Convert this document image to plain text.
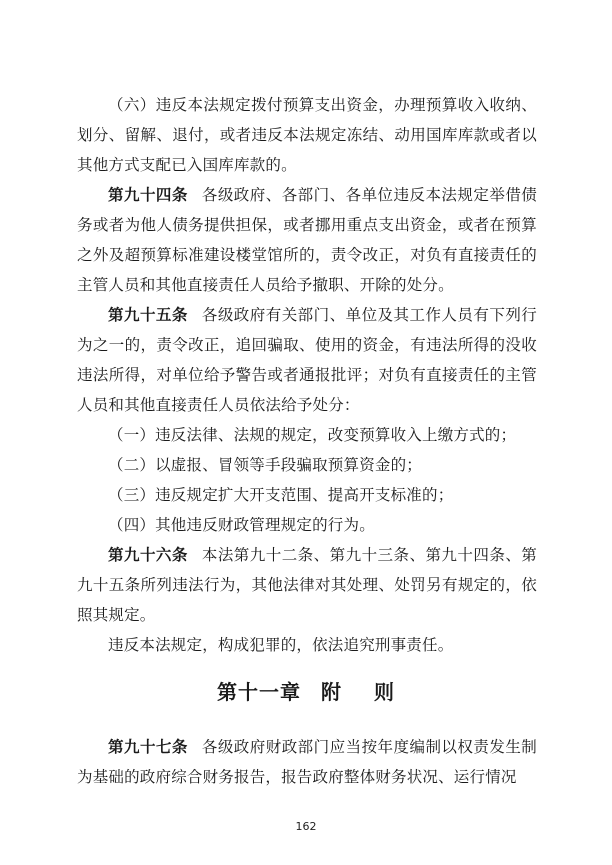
（六）违反本法规定拨付预算支出资金，办理预算收入收纳、划分、留解、退付，或者违反本法规定冻结、动用国库库款或者以其他方式支配已入国库库款的。

第九十四条 各级政府、各部门、各单位违反本法规定举借债务或者为他人债务提供担保，或者挪用重点支出资金，或者在预算之外及超预算标准建设楼堂馆所的，责令改正，对负有直接责任的主管人员和其他直接责任人员给予撤职、开除的处分。

第九十五条 各级政府有关部门、单位及其工作人员有下列行为之一的，责令改正，追回骗取、使用的资金，有违法所得的没收违法所得，对单位给予警告或者通报批评；对负有直接责任的主管人员和其他直接责任人员依法给予处分：

（一）违反法律、法规的规定，改变预算收入上缴方式的；

（二）以虚报、冒领等手段骗取预算资金的；

（三）违反规定扩大开支范围、提高开支标准的；

（四）其他违反财政管理规定的行为。

第九十六条 本法第九十二条、第九十三条、第九十四条、第九十五条所列违法行为，其他法律对其处理、处罚另有规定的，依照其规定。

违反本法规定，构成犯罪的，依法追究刑事责任。

第十一章 附 则

第九十七条 各级政府财政部门应当按年度编制以权责发生制为基础的政府综合财务报告，报告政府整体财务状况、运行情况

162
